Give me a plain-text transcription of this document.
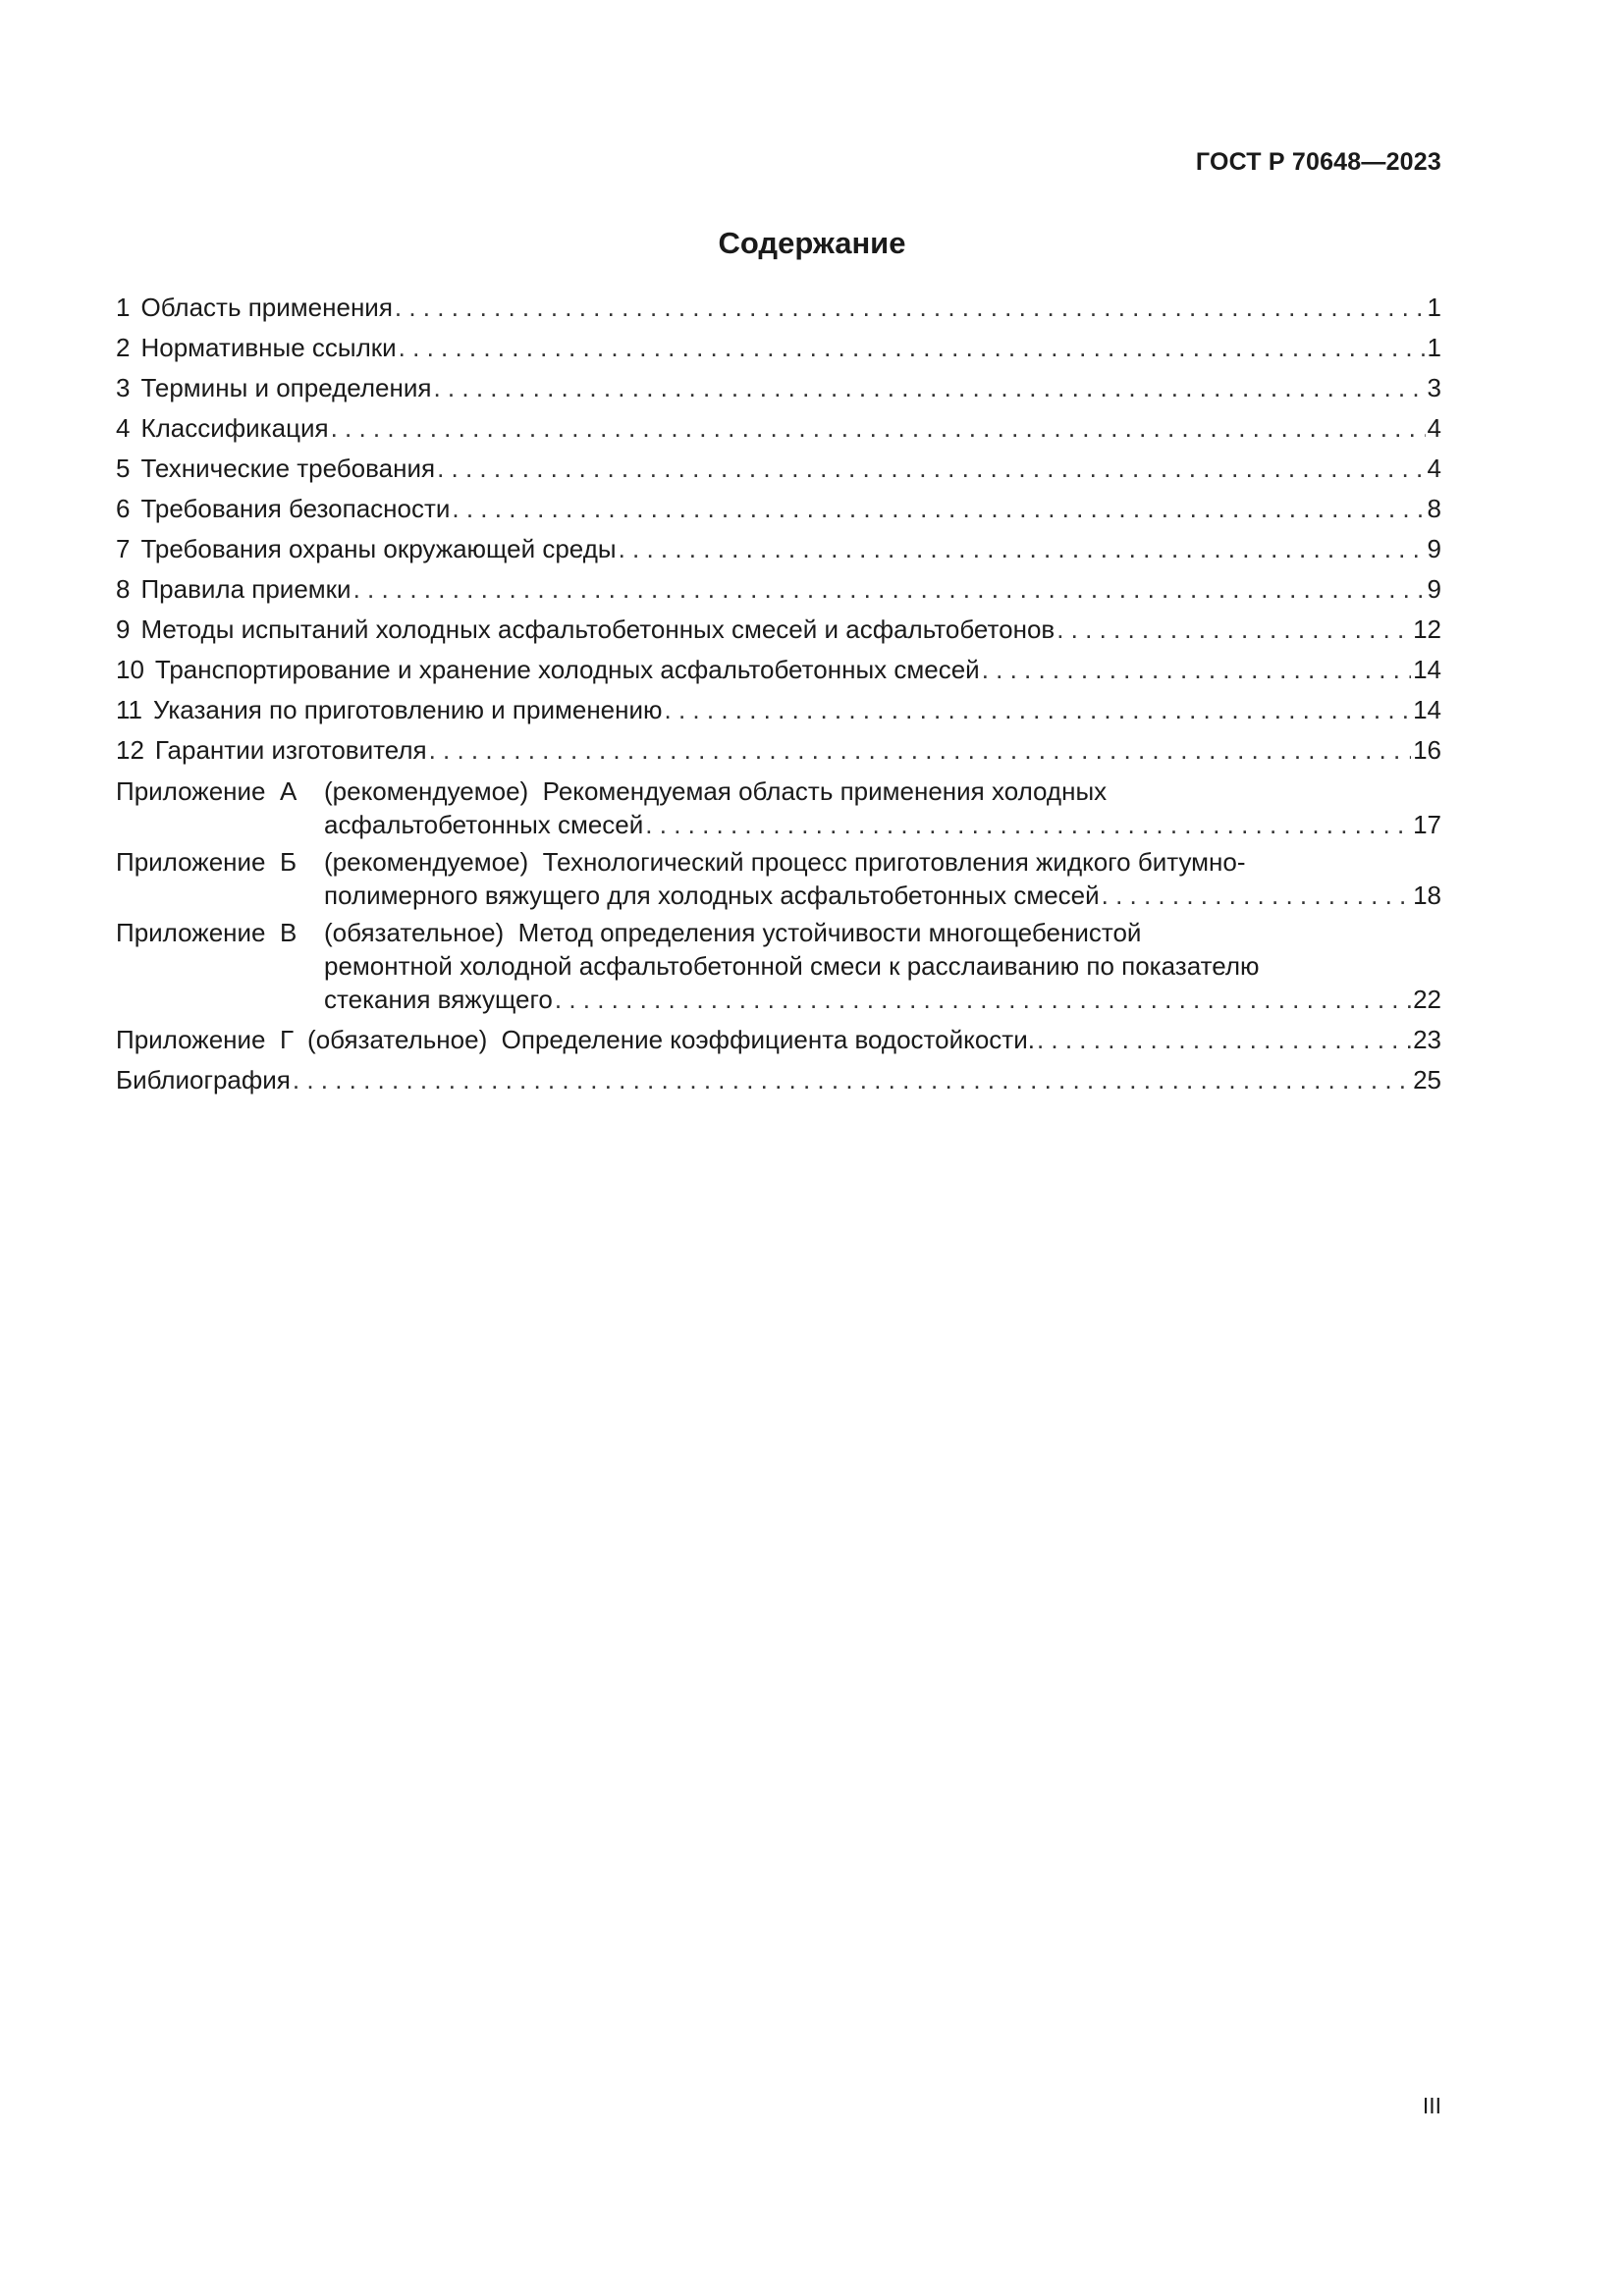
ГОСТ Р 70648—2023
Содержание
1 Область применения . . .	1
2 Нормативные ссылки . . .	1
3 Термины и определения . . .	3
4 Классификация . . .	4
5 Технические требования . . .	4
6 Требования безопасности . . .	8
7 Требования охраны окружающей среды . . .	9
8 Правила приемки . . .	9
9 Методы испытаний холодных асфальтобетонных смесей и асфальтобетонов . . .	12
10 Транспортирование и хранение холодных асфальтобетонных смесей . . .	14
11 Указания по приготовлению и применению . . .	14
12 Гарантии изготовителя . . .	16
Приложение  А	(рекомендуемое)  Рекомендуемая область применения холодных
асфальтобетонных смесей . . .	17
Приложение  Б	(рекомендуемое)  Технологический процесс приготовления жидкого битумно-
полимерного вяжущего для холодных асфальтобетонных смесей . . .	18
Приложение  В	(обязательное)  Метод определения устойчивости многощебенистой
ремонтной холодной асфальтобетонной смеси к расслаиванию по показателю
стекания вяжущего . . .	22
Приложение  Г (обязательное)  Определение коэффициента водостойкости. . . .	23
Библиография . . .	25
III
